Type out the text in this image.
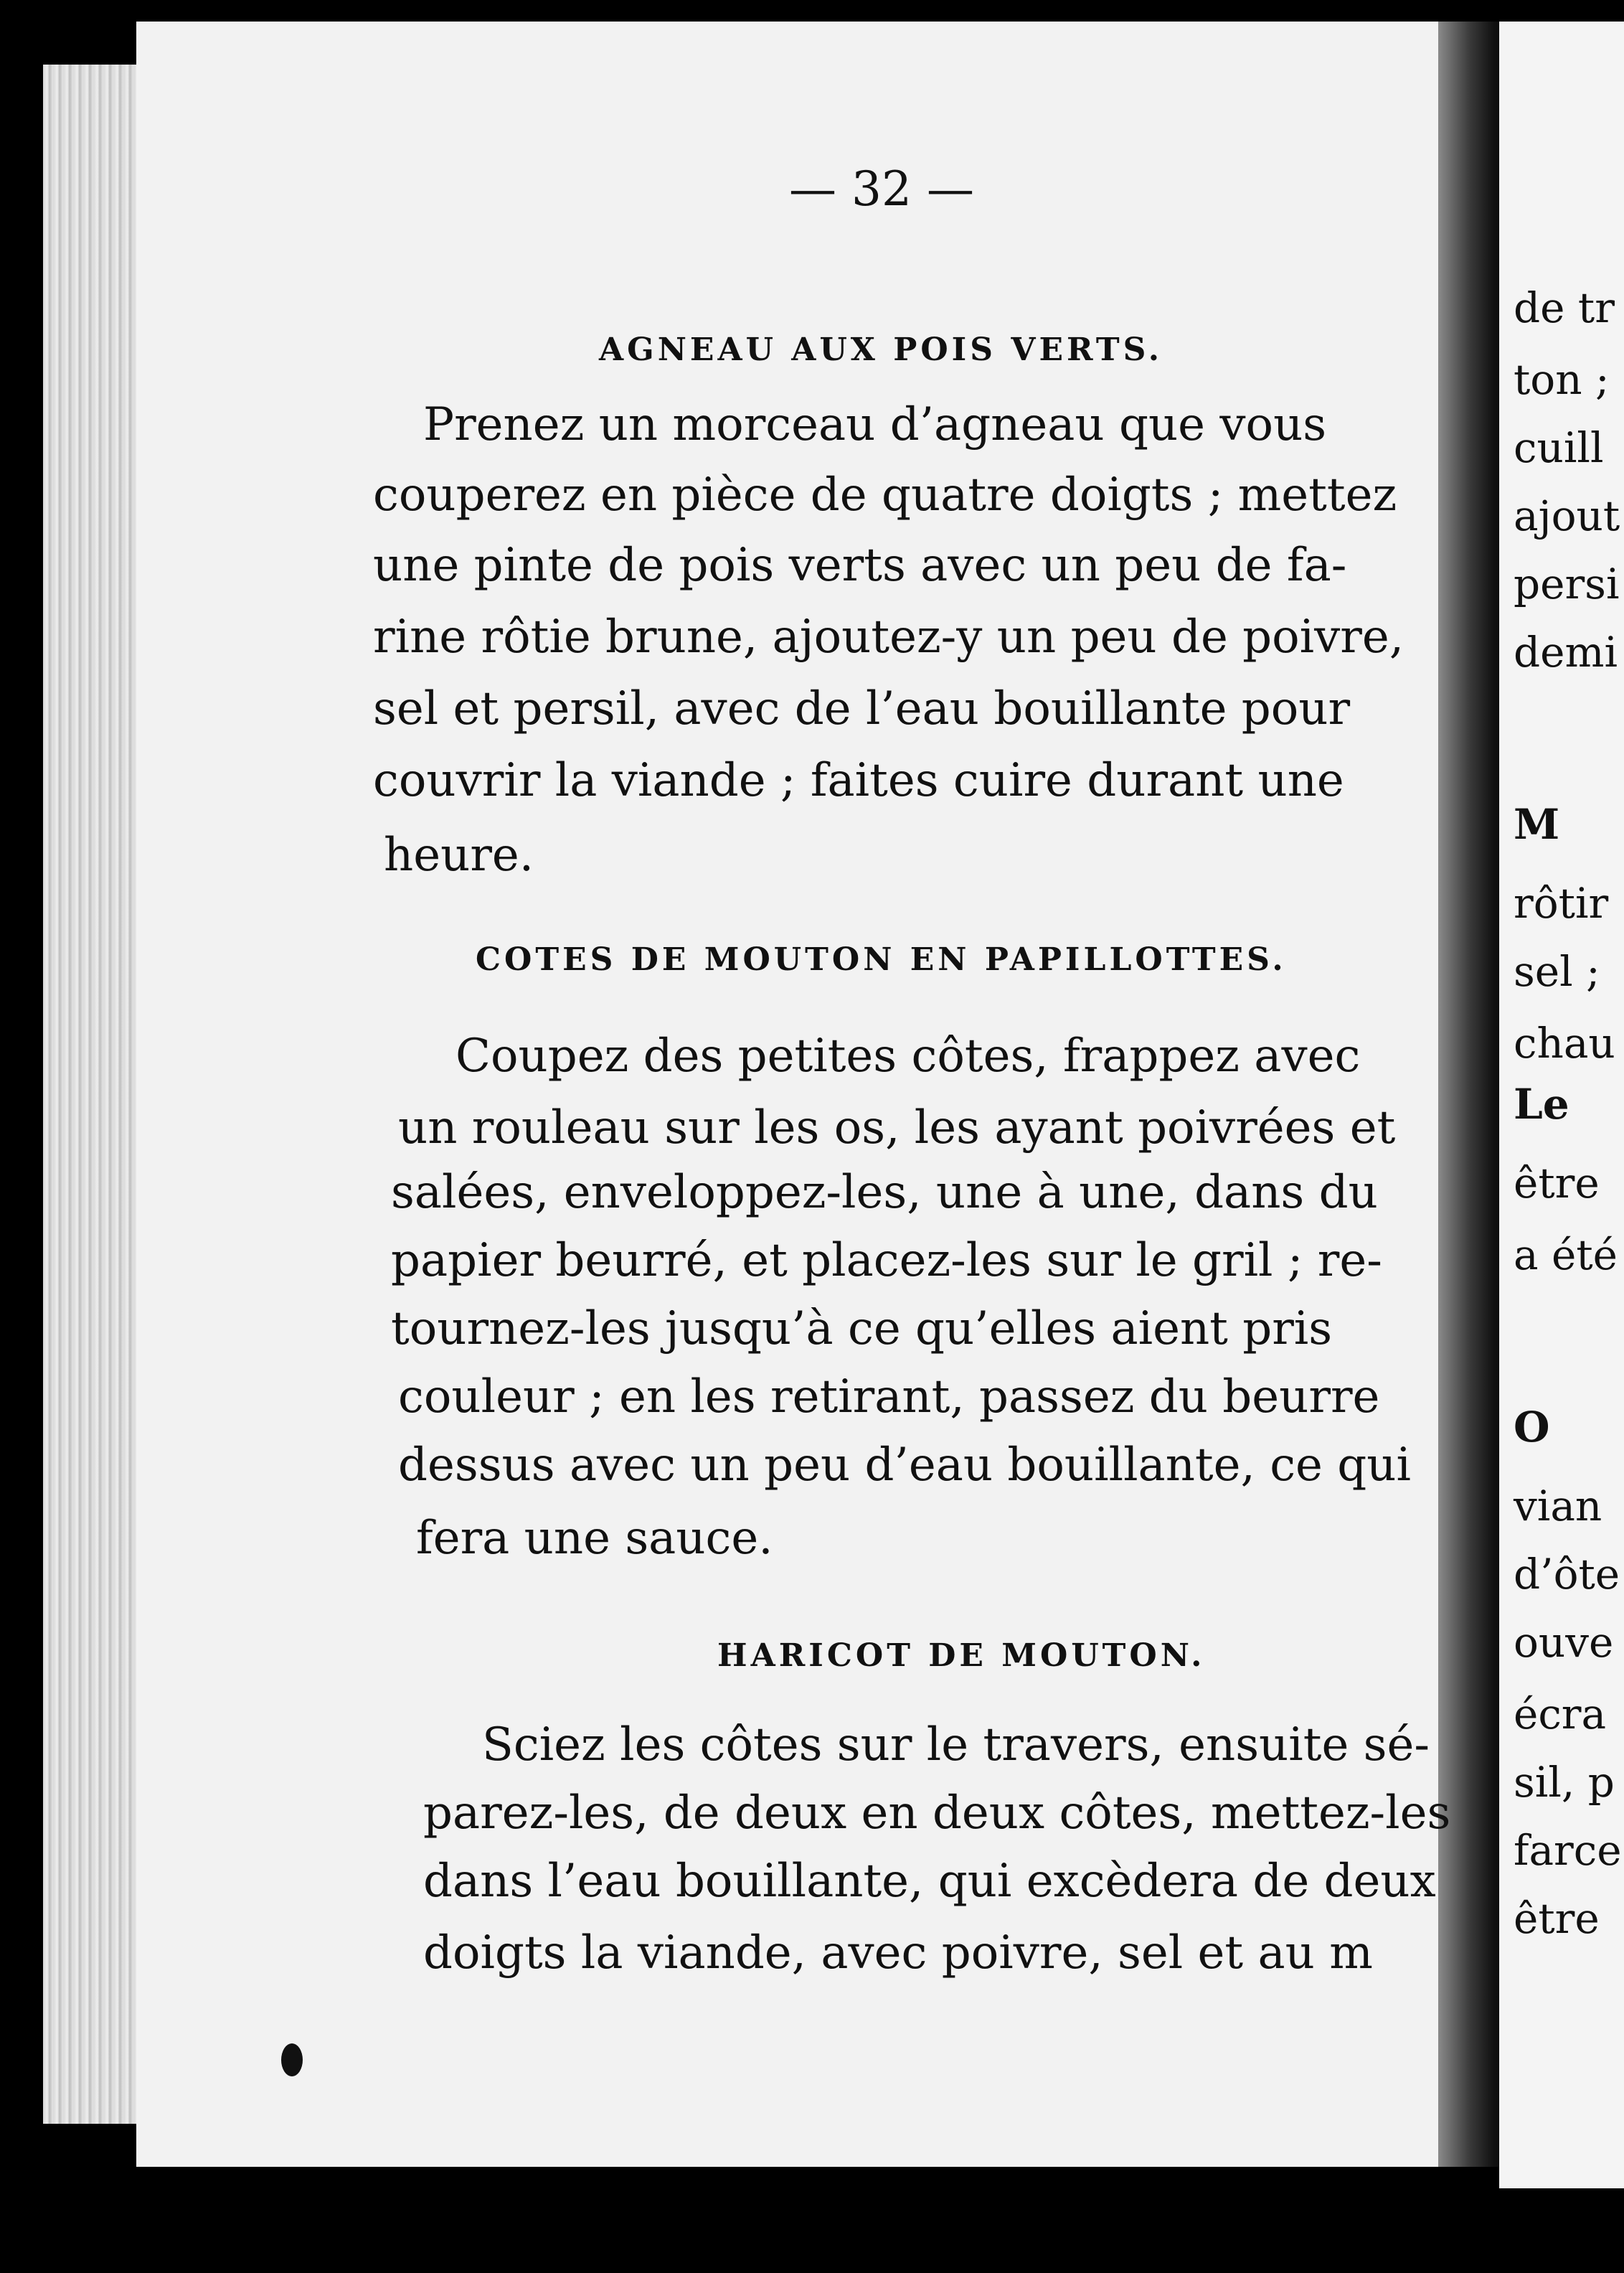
de tr
ton ;
cuill
ajout
persi
demi
M
rôtir
sel ;
chau
Le
être
a été
O
vian
d’ôte
ouve
écra
sil, p
farce
être
— 32 —
AGNEAU AUX POIS VERTS.
Prenez un morceau d’agneau que vous
couperez en pièce de quatre doigts ; mettez
une pinte de pois verts avec un peu de fa-
rine rôtie brune, ajoutez-y un peu de poivre,
sel et persil, avec de l’eau bouillante pour
couvrir la viande ; faites cuire durant une
heure.
COTES DE MOUTON EN PAPILLOTTES.
Coupez des petites côtes, frappez avec
un rouleau sur les os, les ayant poivrées et
salées, enveloppez-les, une à une, dans du
papier beurré, et placez-les sur le gril ; re-
tournez-les jusqu’à ce qu’elles aient pris
couleur ; en les retirant, passez du beurre
dessus avec un peu d’eau bouillante, ce qui
fera une sauce.
HARICOT DE MOUTON.
Sciez les côtes sur le travers, ensuite sé-
parez-les, de deux en deux côtes, mettez-les
dans l’eau bouillante, qui excèdera de deux
doigts la viande, avec poivre, sel et au m
